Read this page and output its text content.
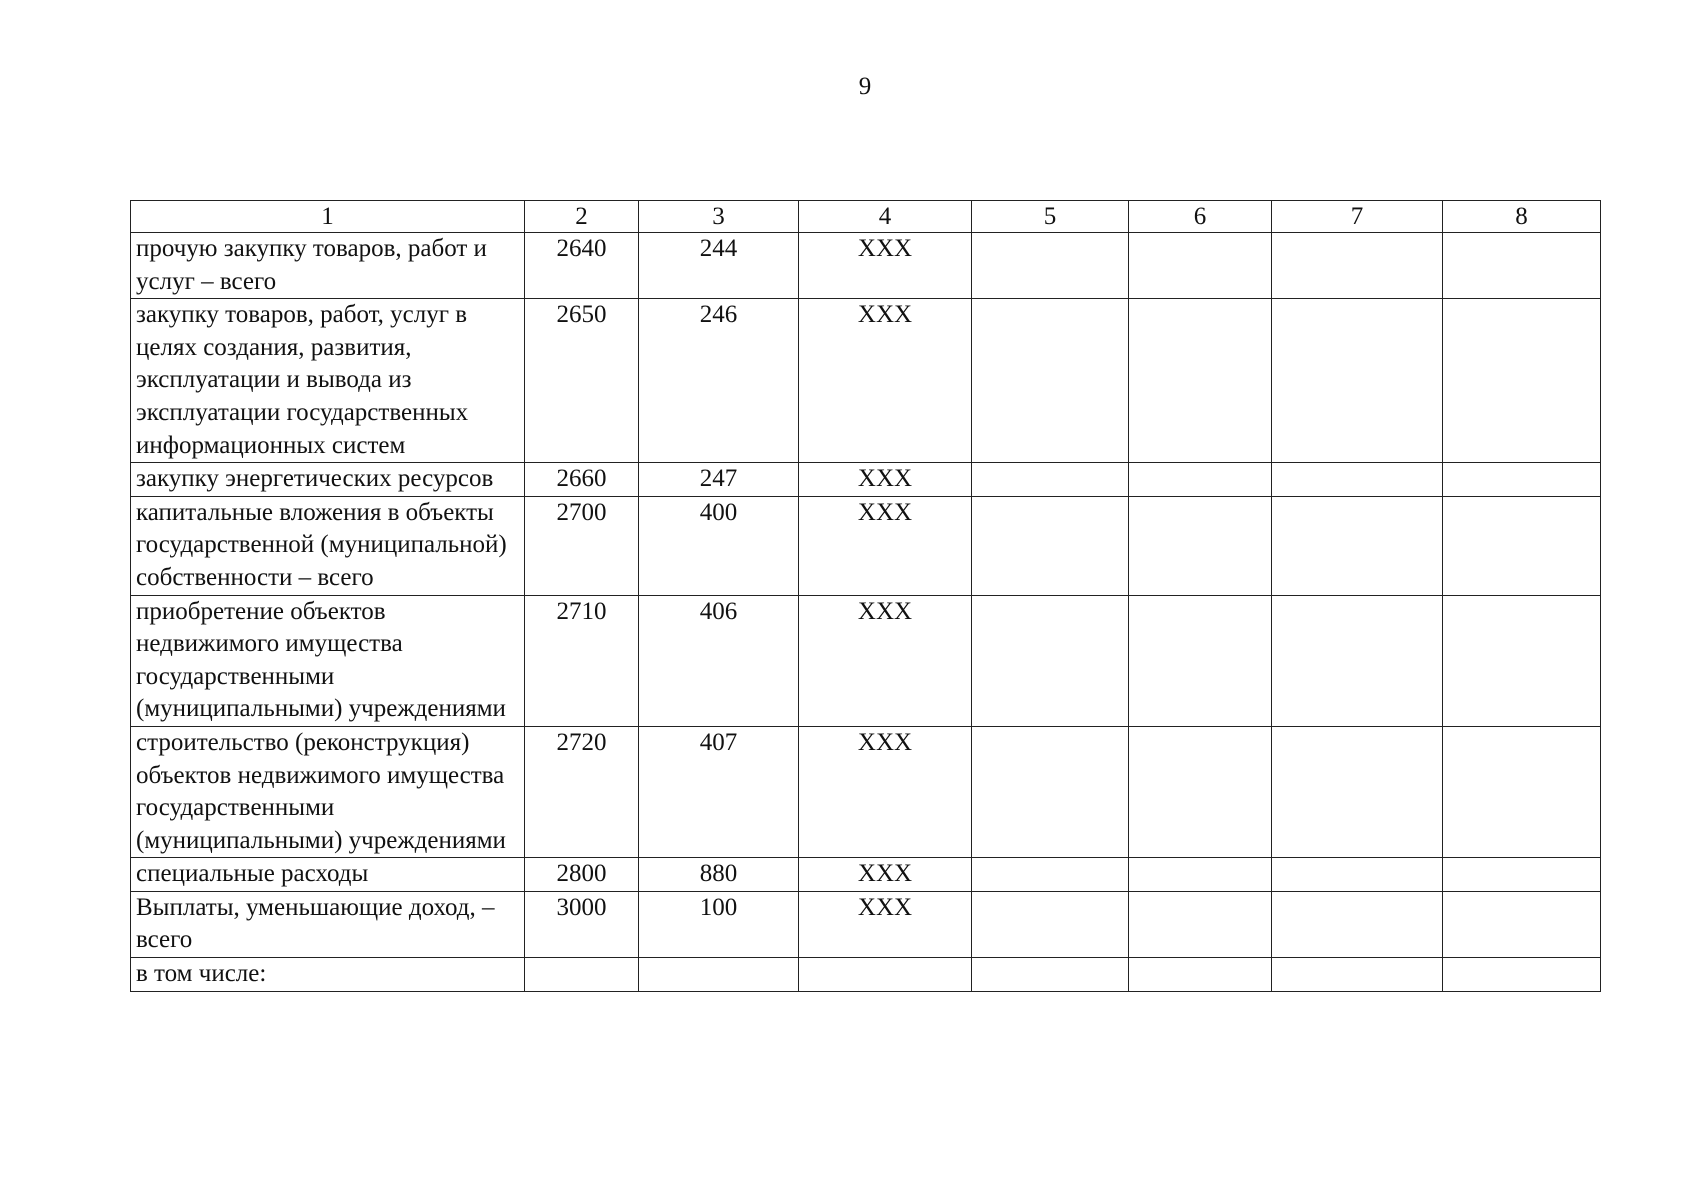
9
1	2	3	4	5	6	7	8
прочую закупку товаров, работ и услуг – всего	2640	244	XXX				
закупку товаров, работ, услуг в целях создания, развития, эксплуатации и вывода из эксплуатации государственных информационных систем	2650	246	XXX				
закупку энергетических ресурсов	2660	247	XXX				
капитальные вложения в объекты государственной (муниципальной) собственности – всего	2700	400	XXX				
приобретение объектов недвижимого имущества государственными (муниципальными) учреждениями	2710	406	XXX				
строительство (реконструкция) объектов недвижимого имущества государственными (муниципальными) учреждениями	2720	407	XXX				
специальные расходы	2800	880	XXX				
Выплаты, уменьшающие доход, – всего	3000	100	XXX				
в том числе:							
